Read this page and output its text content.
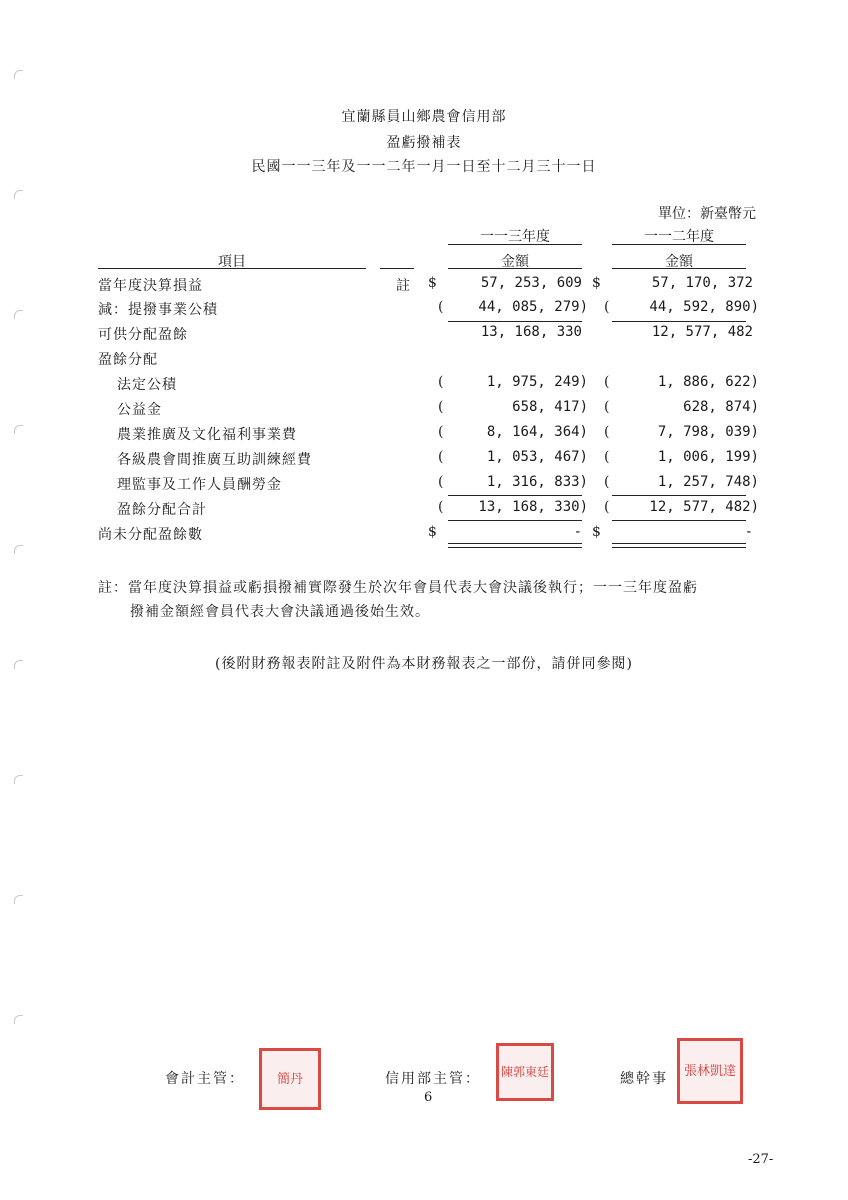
宜蘭縣員山鄉農會信用部
盈虧撥補表
民國一一三年及一一二年一月一日至十二月三十一日
單位：新臺幣元
一一三年度	一一二年度
項目	金額	金額
當年度決算損益	註 $	57, 253, 609 $	57, 170, 372
減：提撥事業公積	( 44, 085, 279) (	44, 592, 890)
可供分配盈餘	13, 168, 330	12, 577, 482
盈餘分配
法定公積	(	1, 975, 249) (	1, 886, 622)
公益金	(	658, 417) (	628, 874)
農業推廣及文化福利事業費	(	8, 164, 364) (	7, 798, 039)
各級農會間推廣互助訓練經費	(	1, 053, 467) (	1, 006, 199)
理監事及工作人員酬勞金	(	1, 316, 833) (	1, 257, 748)
盈餘分配合計	( 13, 168, 330) (	12, 577, 482)
尚未分配盈餘數	$	- $	-
註：當年度決算損益或虧損撥補實際發生於次年會員代表大會決議後執行；一一三年度盈虧
撥補金額經會員代表大會決議通過後始生效。
(後附財務報表附註及附件為本財務報表之一部份，請併同參閱)
會計主管：	簡丹	信用部主管：	陳郭東廷	總幹事	張林凱達
6
-27-
